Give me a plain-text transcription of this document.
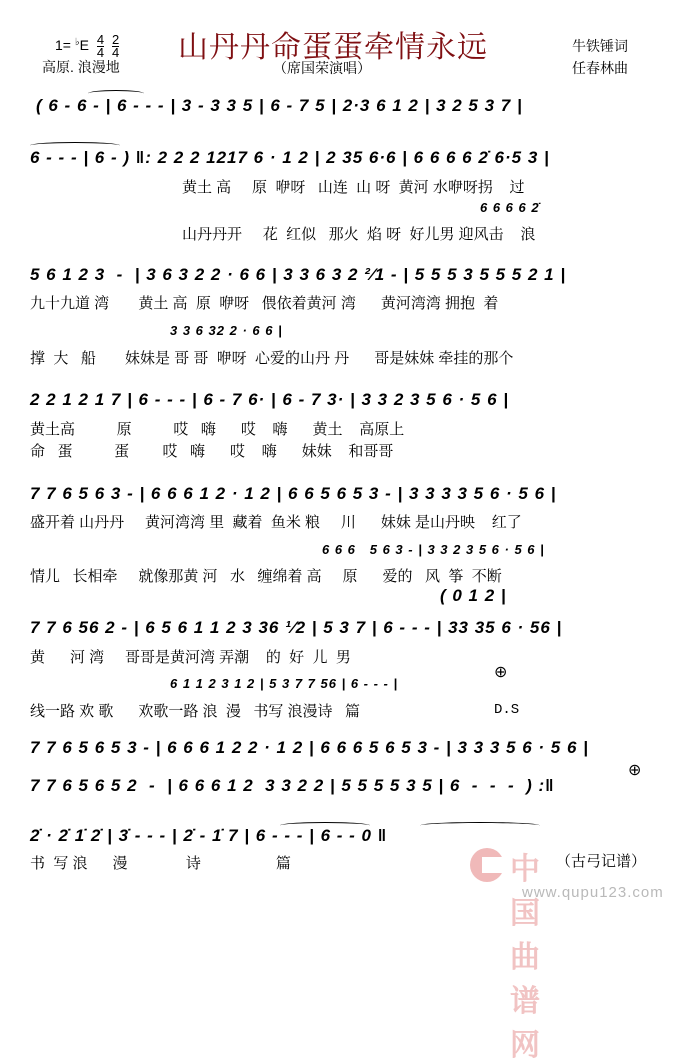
$1= ^♭E \frac{4}{4}$
$\frac{2}{4}$
高原. 浪漫地
山丹丹命蛋蛋牵情永远
（席国荣演唱）
牛铁锤词
任春林曲
( 6 - 6 - | 6 - - - | 3 - 3 3 5 | 6 - 7 5 | 2·3 6 1 2 | 3 2 5 3 7 |
6 - - - | 6 - ) ‖: 2 2 2 1217 6 · 1 2 | 2 35 6·6 | 6 6 6 6 2̇ 6·5 3 |
黄土 高     原  咿呀   山连  山 呀  黄河 水咿呀拐    过
6 6 6 6 2̇
山丹丹开     花  红似   那火  焰 呀  好儿男 迎风击    浪
5 6 1 2 3  -  | 3 6 3 2 2 · 6 6 | 3 3 6 3 2 ²⁄1 - | 5 5 5 3 5 5 5 2 1 |
九十九道 湾       黄土 高  原  咿呀   偎依着黄河 湾      黄河湾湾 拥抱  着
3 3 6 32 2 · 6 6 |
撑  大   船       妹妹是 哥 哥  咿呀  心爱的山丹 丹      哥是妹妹 牵挂的那个
2 2 1 2 1 7 | 6 - - - | 6 - 7 6· | 6 - 7 3· | 3 3 2 3 5 6 · 5 6 |
黄土高          原          哎   嗨      哎    嗨      黄土    高原上
命   蛋          蛋        哎   嗨      哎    嗨      妹妹    和哥哥
7 7 6 5 6 3 - | 6 6 6 1 2 · 1 2 | 6 6 5 6 5 3 - | 3 3 3 3 5 6 · 5 6 |
盛开着 山丹丹     黄河湾湾 里  藏着  鱼米 粮     川      妹妹 是山丹映    红了
6 6 6   5 6 3 - | 3 3 2 3 5 6 · 5 6 |
情儿   长相牵     就像那黄 河   水   缠绵着 高     原      爱的   风  筝  不断
( 0 1 2 |
7 7 6 56 2 - | 6 5 6 1 1 2 3 36 ¹⁄2 | 5 3 7 | 6 - - - | 33 35 6 · 56 |
黄      河 湾     哥哥是黄河湾 弄潮    的  好  儿  男
⊕
6 1 1 2 3 1 2 | 5 3 7 7 56 | 6 - - - |
线一路 欢 歌      欢歌一路 浪  漫   书写 浪漫诗   篇	D.S
7 7 6 5 6 5 3 - | 6 6 6 1 2 2 · 1 2 | 6 6 6 5 6 5 3 - | 3 3 3 5 6 · 5 6 |
⊕
7 7 6 5 6 5 2  -  | 6 6 6 1 2  3 3 2 2 | 5 5 5 5 3 5 | 6  -  -  -  ) :‖
2̇ · 2̇ 1̇ 2̇ | 3̇ - - - | 2̇ - 1̇ 7 | 6 - - - | 6 - - 0 ‖
书  写 浪      漫              诗                  篇	（古弓记谱）
中国曲谱网
www.qupu123.com
